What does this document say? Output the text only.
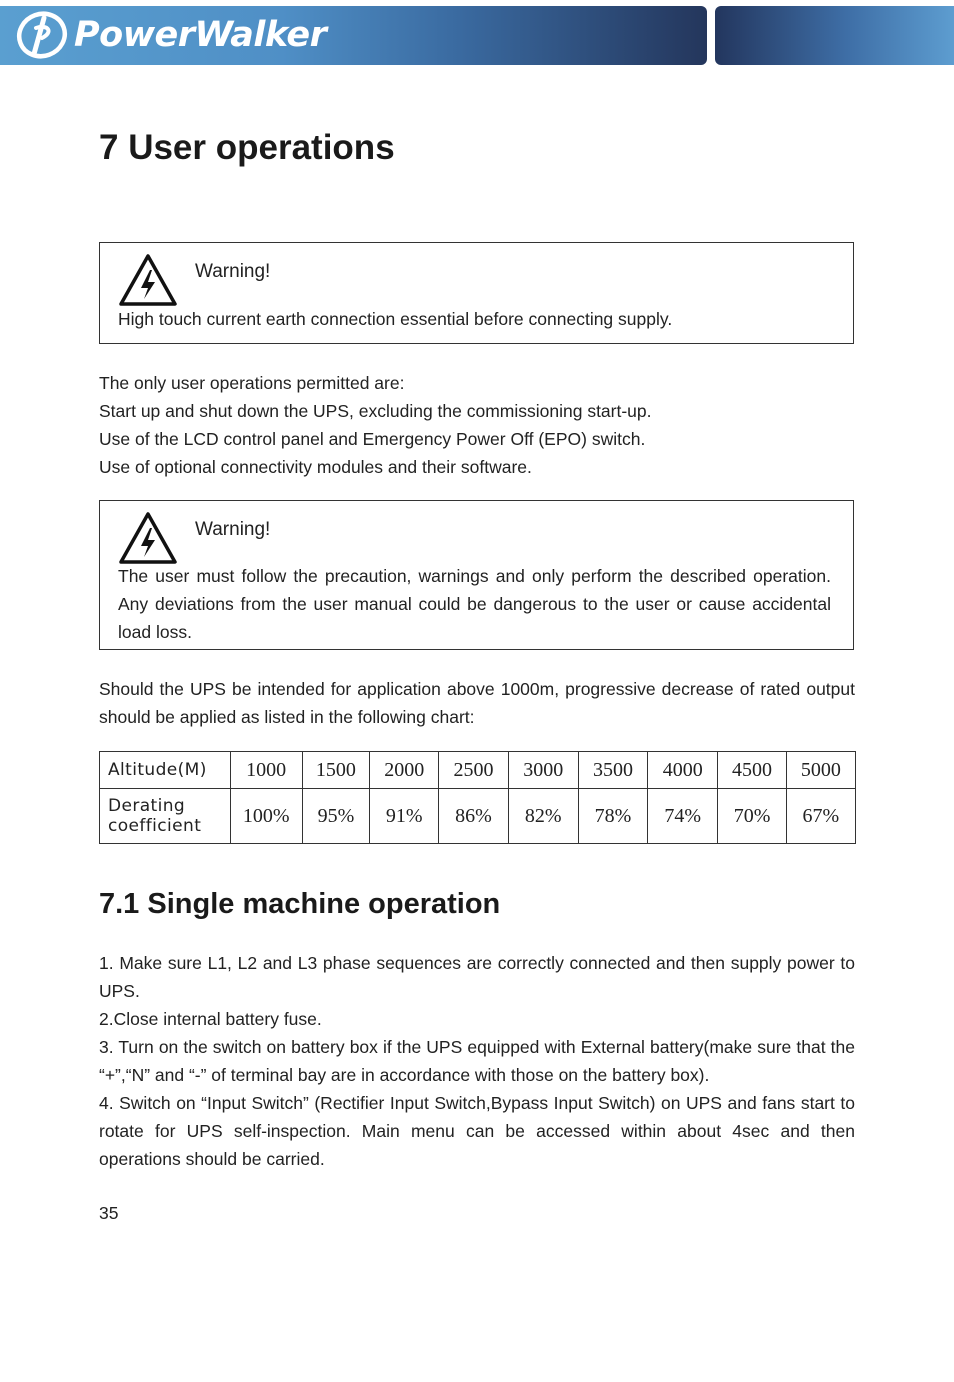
PowerWalker
7 User operations
Warning!
High touch current earth connection essential before connecting supply.

The only user operations permitted are:

Start up and shut down the UPS, excluding the commissioning start-up.

Use of the LCD control panel and Emergency Power Off (EPO) switch.

Use of optional connectivity modules and their software.

Warning!
The user must follow the precaution, warnings and only perform the described operation. Any deviations from the user manual could be dangerous to the user or cause accidental load loss.
Should the UPS be intended for application above 1000m, progressive decrease of rated output should be applied as listed in the following chart:
Altitude(M)	1000	1500	2000	2500	3000	3500	4000	4500	5000
Derating
coefficient	100%	95%	91%	86%	82%	78%	74%	70%	67%
7.1 Single machine operation

1. Make sure L1, L2 and L3 phase sequences are correctly connected and then supply power to UPS.

2.Close internal battery fuse.

3. Turn on the switch on battery box if the UPS equipped with External battery(make sure that the “+”,“N” and “-” of terminal bay are in accordance with those on the battery box).

4. Switch on “Input Switch” (Rectifier Input Switch,Bypass Input Switch) on UPS and fans start to rotate for UPS self-inspection. Main menu can be accessed within about 4sec and then operations should be carried.

35
